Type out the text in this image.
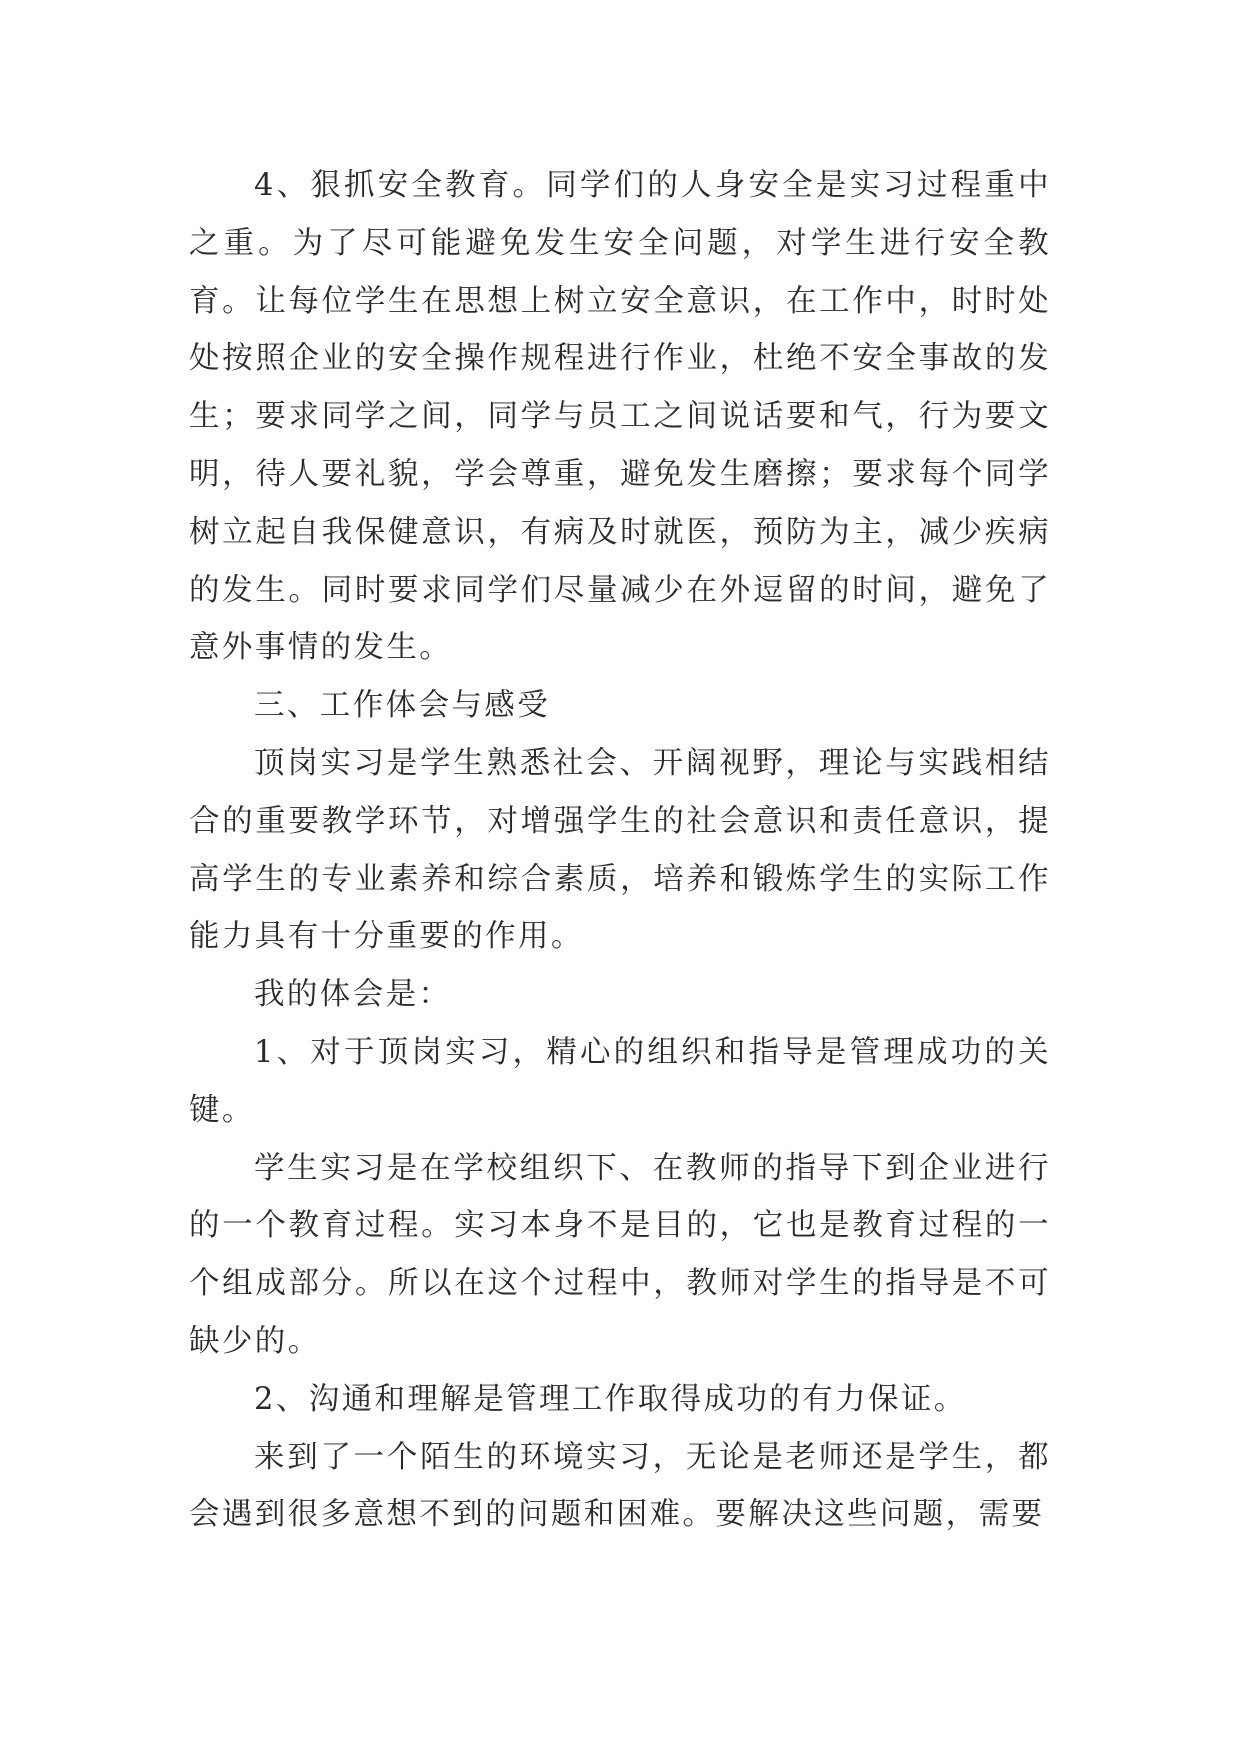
4、狠抓安全教育。同学们的人身安全是实习过程重中之重。为了尽可能避免发生安全问题，对学生进行安全教育。让每位学生在思想上树立安全意识，在工作中，时时处处按照企业的安全操作规程进行作业，杜绝不安全事故的发生；要求同学之间，同学与员工之间说话要和气，行为要文明，待人要礼貌，学会尊重，避免发生磨擦；要求每个同学树立起自我保健意识，有病及时就医，预防为主，减少疾病的发生。同时要求同学们尽量减少在外逗留的时间，避免了意外事情的发生。

三、工作体会与感受

顶岗实习是学生熟悉社会、开阔视野，理论与实践相结合的重要教学环节，对增强学生的社会意识和责任意识，提高学生的专业素养和综合素质，培养和锻炼学生的实际工作能力具有十分重要的作用。

我的体会是：

1、对于顶岗实习，精心的组织和指导是管理成功的关键。

学生实习是在学校组织下、在教师的指导下到企业进行的一个教育过程。实习本身不是目的，它也是教育过程的一个组成部分。所以在这个过程中，教师对学生的指导是不可缺少的。

2、沟通和理解是管理工作取得成功的有力保证。

来到了一个陌生的环境实习，无论是老师还是学生，都会遇到很多意想不到的问题和困难。要解决这些问题，需要
